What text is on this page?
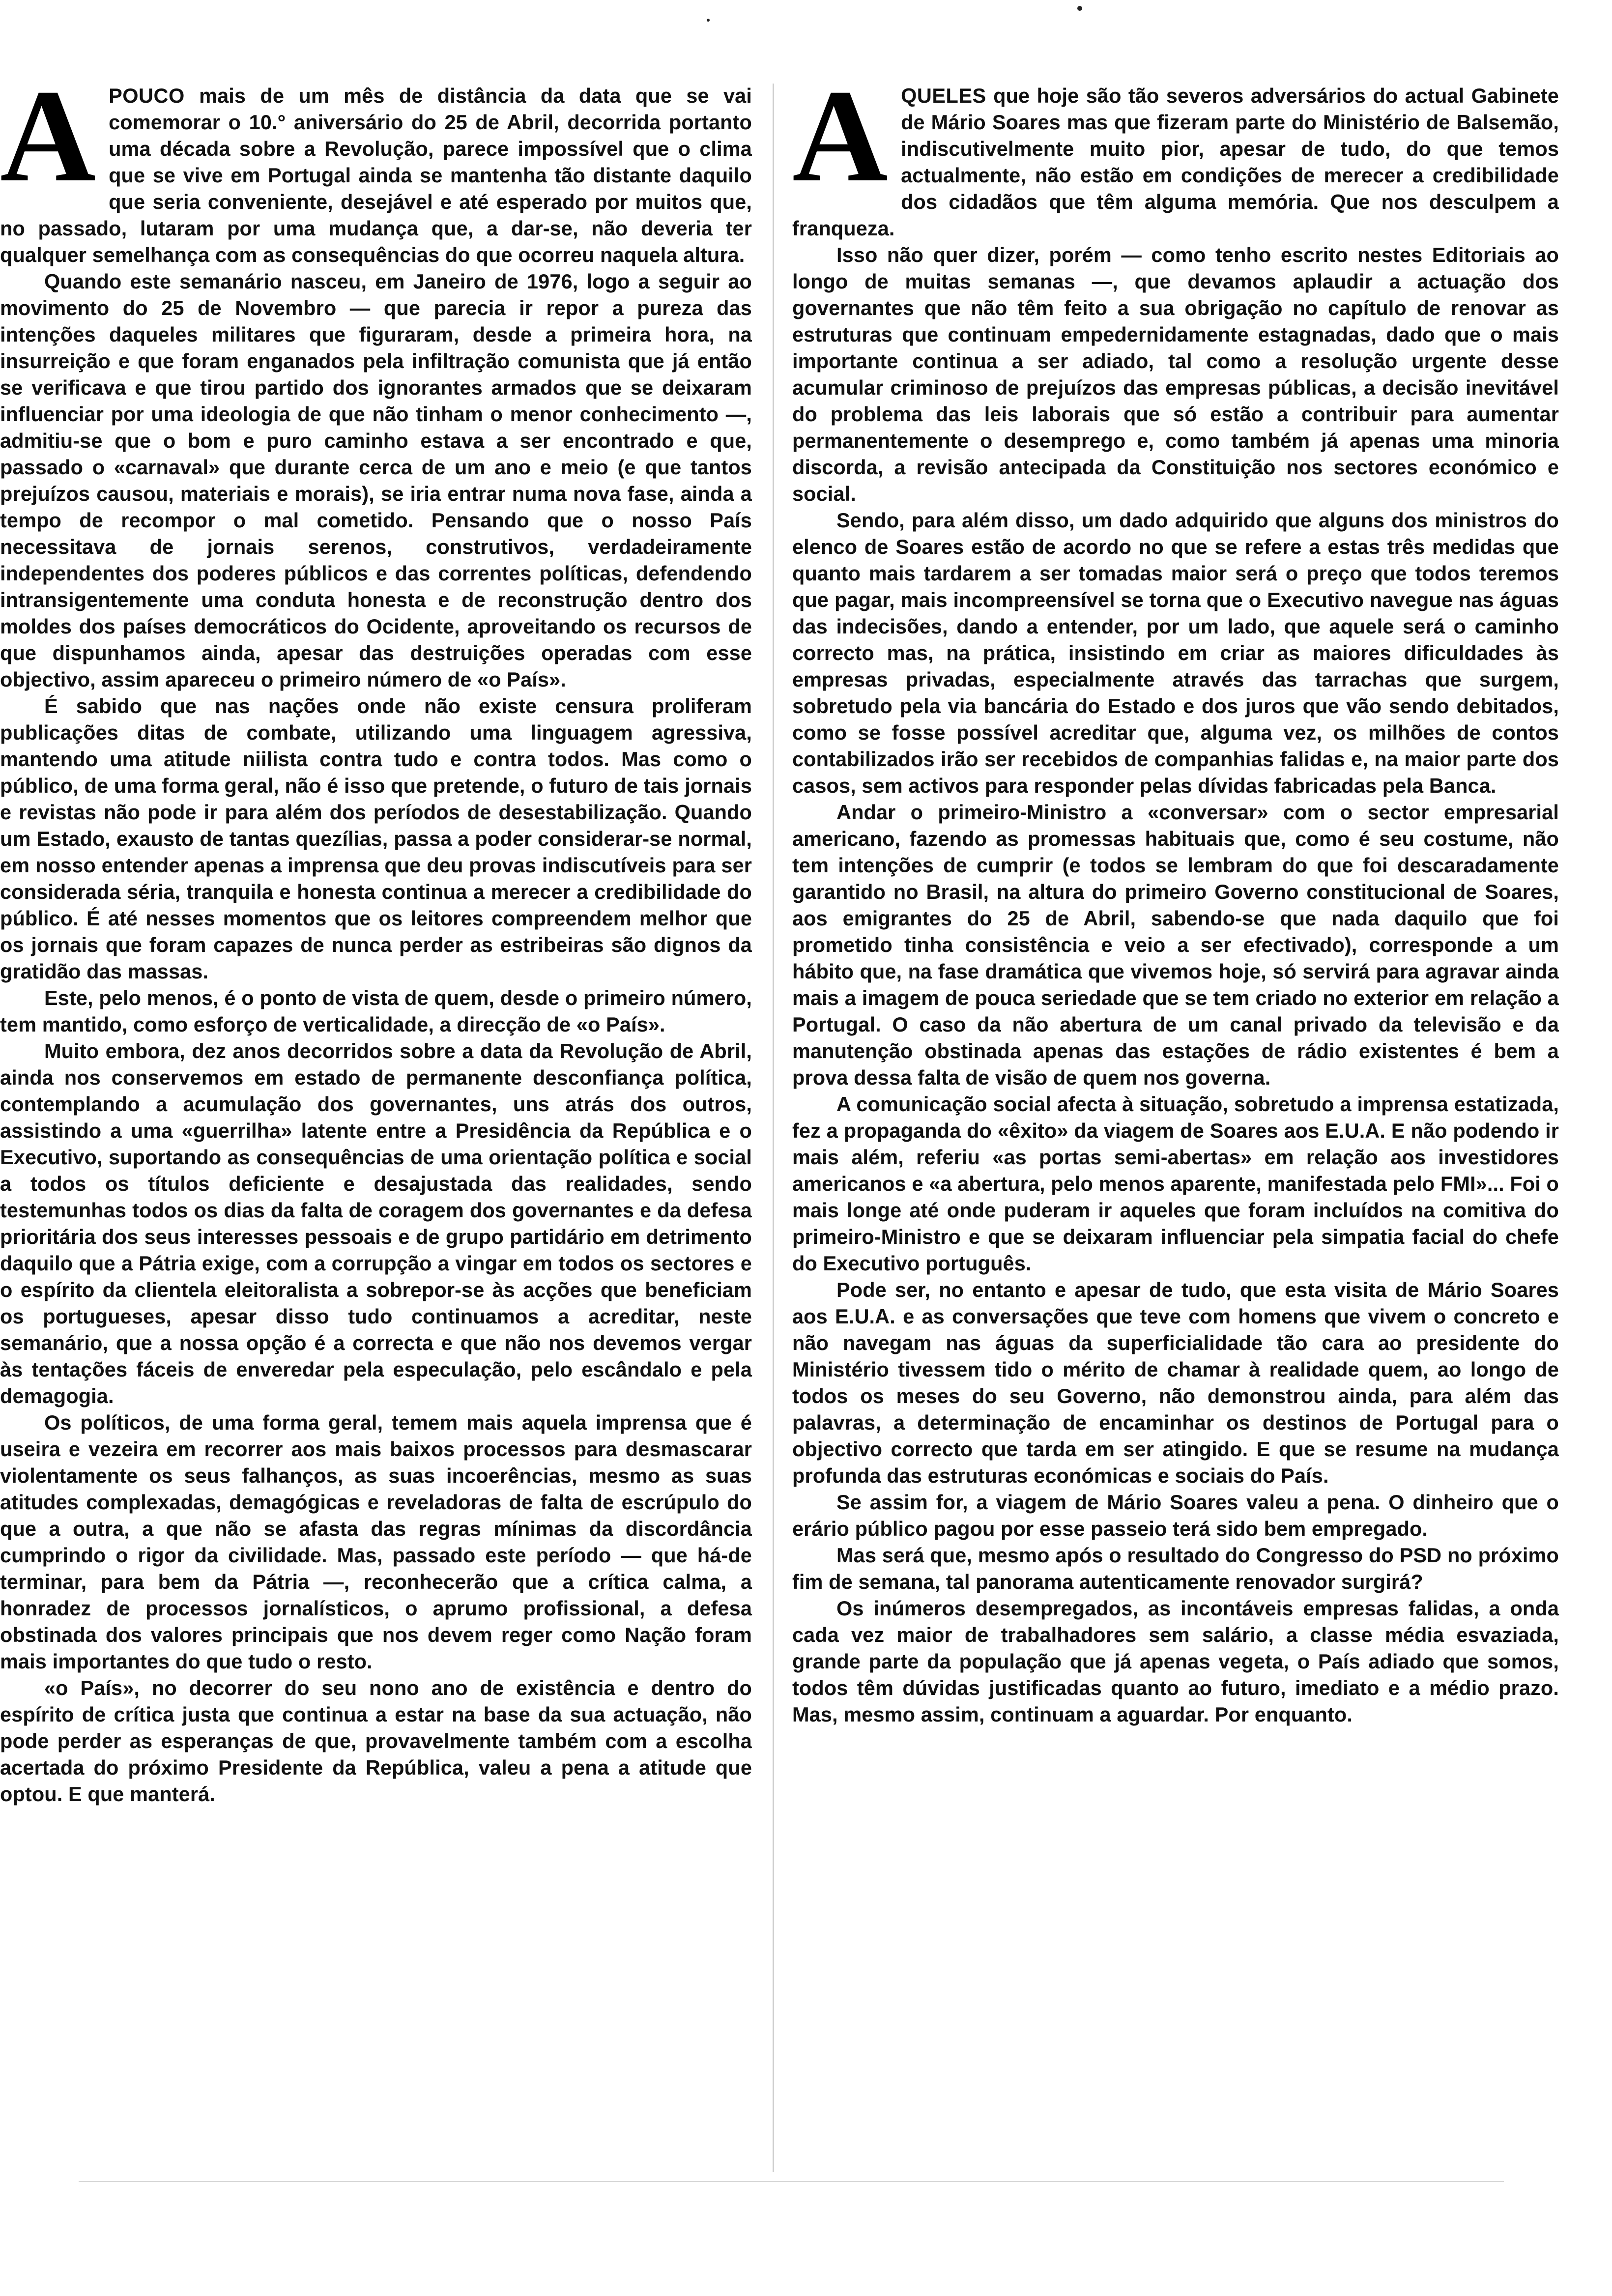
APOUCO mais de um mês de distância da data que se vai comemorar o 10.° aniversário do 25 de Abril, decorrida portanto uma década sobre a Revolução, parece impossível que o clima que se vive em Portugal ainda se mantenha tão distante daquilo que seria conveniente, desejável e até esperado por muitos que, no passado, lutaram por uma mudança que, a dar-se, não deveria ter qualquer semelhança com as consequências do que ocorreu naquela altura.

Quando este semanário nasceu, em Janeiro de 1976, logo a seguir ao movimento do 25 de Novembro — que parecia ir repor a pureza das intenções daqueles militares que figuraram, desde a primeira hora, na insurreição e que foram enganados pela infiltração comunista que já então se verificava e que tirou partido dos ignorantes armados que se deixaram influenciar por uma ideologia de que não tinham o menor conhecimento —, admitiu-se que o bom e puro caminho estava a ser encontrado e que, passado o «carnaval» que durante cerca de um ano e meio (e que tantos prejuízos causou, materiais e morais), se iria entrar numa nova fase, ainda a tempo de recompor o mal cometido. Pensando que o nosso País necessitava de jornais serenos, construtivos, verdadeiramente independentes dos poderes públicos e das correntes políticas, defendendo intransigentemente uma conduta honesta e de reconstrução dentro dos moldes dos países democráticos do Ocidente, aproveitando os recursos de que dispunhamos ainda, apesar das destruições operadas com esse objectivo, assim apareceu o primeiro número de «o País».

É sabido que nas nações onde não existe censura proliferam publicações ditas de combate, utilizando uma linguagem agressiva, mantendo uma atitude niilista contra tudo e contra todos. Mas como o público, de uma forma geral, não é isso que pretende, o futuro de tais jornais e revistas não pode ir para além dos períodos de desestabilização. Quando um Estado, exausto de tantas quezílias, passa a poder considerar-se normal, em nosso entender apenas a imprensa que deu provas indiscutíveis para ser considerada séria, tranquila e honesta continua a merecer a credibilidade do público. É até nesses momentos que os leitores compreendem melhor que os jornais que foram capazes de nunca perder as estribeiras são dignos da gratidão das massas.

Este, pelo menos, é o ponto de vista de quem, desde o primeiro número, tem mantido, como esforço de verticalidade, a direcção de «o País».

Muito embora, dez anos decorridos sobre a data da Revolução de Abril, ainda nos conservemos em estado de permanente desconfiança política, contemplando a acumulação dos governantes, uns atrás dos outros, assistindo a uma «guerrilha» latente entre a Presidência da República e o Executivo, suportando as consequências de uma orientação política e social a todos os títulos deficiente e desajustada das realidades, sendo testemunhas todos os dias da falta de coragem dos governantes e da defesa prioritária dos seus interesses pessoais e de grupo partidário em detrimento daquilo que a Pátria exige, com a corrupção a vingar em todos os sectores e o espírito da clientela eleitoralista a sobrepor-se às acções que beneficiam os portugueses, apesar disso tudo continuamos a acreditar, neste semanário, que a nossa opção é a correcta e que não nos devemos vergar às tentações fáceis de enveredar pela especulação, pelo escândalo e pela demagogia.

Os políticos, de uma forma geral, temem mais aquela imprensa que é useira e vezeira em recorrer aos mais baixos processos para desmascarar violentamente os seus falhanços, as suas incoerências, mesmo as suas atitudes complexadas, demagógicas e reveladoras de falta de escrúpulo do que a outra, a que não se afasta das regras mínimas da discordância cumprindo o rigor da civilidade. Mas, passado este período — que há-de terminar, para bem da Pátria —, reconhecerão que a crítica calma, a honradez de processos jornalísticos, o aprumo profissional, a defesa obstinada dos valores principais que nos devem reger como Nação foram mais importantes do que tudo o resto.

«o País», no decorrer do seu nono ano de existência e dentro do espírito de crítica justa que continua a estar na base da sua actuação, não pode perder as esperanças de que, provavelmente também com a escolha acertada do próximo Presidente da República, valeu a pena a atitude que optou. E que manterá.

AQUELES que hoje são tão severos adversários do actual Gabinete de Mário Soares mas que fizeram parte do Ministério de Balsemão, indiscutivelmente muito pior, apesar de tudo, do que temos actualmente, não estão em condições de merecer a credibilidade dos cidadãos que têm alguma memória. Que nos desculpem a franqueza.

Isso não quer dizer, porém — como tenho escrito nestes Editoriais ao longo de muitas semanas —, que devamos aplaudir a actuação dos governantes que não têm feito a sua obrigação no capítulo de renovar as estruturas que continuam empedernidamente estagnadas, dado que o mais importante continua a ser adiado, tal como a resolução urgente desse acumular criminoso de prejuízos das empresas públicas, a decisão inevitável do problema das leis laborais que só estão a contribuir para aumentar permanentemente o desemprego e, como também já apenas uma minoria discorda, a revisão antecipada da Constituição nos sectores económico e social.

Sendo, para além disso, um dado adquirido que alguns dos ministros do elenco de Soares estão de acordo no que se refere a estas três medidas que quanto mais tardarem a ser tomadas maior será o preço que todos teremos que pagar, mais incompreensível se torna que o Executivo navegue nas águas das indecisões, dando a entender, por um lado, que aquele será o caminho correcto mas, na prática, insistindo em criar as maiores dificuldades às empresas privadas, especialmente através das tarrachas que surgem, sobretudo pela via bancária do Estado e dos juros que vão sendo debitados, como se fosse possível acreditar que, alguma vez, os milhões de contos contabilizados irão ser recebidos de companhias falidas e, na maior parte dos casos, sem activos para responder pelas dívidas fabricadas pela Banca.

Andar o primeiro-Ministro a «conversar» com o sector empresarial americano, fazendo as promessas habituais que, como é seu costume, não tem intenções de cumprir (e todos se lembram do que foi descaradamente garantido no Brasil, na altura do primeiro Governo constitucional de Soares, aos emigrantes do 25 de Abril, sabendo-se que nada daquilo que foi prometido tinha consistência e veio a ser efectivado), corresponde a um hábito que, na fase dramática que vivemos hoje, só servirá para agravar ainda mais a imagem de pouca seriedade que se tem criado no exterior em relação a Portugal. O caso da não abertura de um canal privado da televisão e da manutenção obstinada apenas das estações de rádio existentes é bem a prova dessa falta de visão de quem nos governa.

A comunicação social afecta à situação, sobretudo a imprensa estatizada, fez a propaganda do «êxito» da viagem de Soares aos E.U.A. E não podendo ir mais além, referiu «as portas semi-abertas» em relação aos investidores americanos e «a abertura, pelo menos aparente, manifestada pelo FMI»... Foi o mais longe até onde puderam ir aqueles que foram incluídos na comitiva do primeiro-Ministro e que se deixaram influenciar pela simpatia facial do chefe do Executivo português.

Pode ser, no entanto e apesar de tudo, que esta visita de Mário Soares aos E.U.A. e as conversações que teve com homens que vivem o concreto e não navegam nas águas da superficialidade tão cara ao presidente do Ministério tivessem tido o mérito de chamar à realidade quem, ao longo de todos os meses do seu Governo, não demonstrou ainda, para além das palavras, a determinação de encaminhar os destinos de Portugal para o objectivo correcto que tarda em ser atingido. E que se resume na mudança profunda das estruturas económicas e sociais do País.

Se assim for, a viagem de Mário Soares valeu a pena. O dinheiro que o erário público pagou por esse passeio terá sido bem empregado.

Mas será que, mesmo após o resultado do Congresso do PSD no próximo fim de semana, tal panorama autenticamente renovador surgirá?

Os inúmeros desempregados, as incontáveis empresas falidas, a onda cada vez maior de trabalhadores sem salário, a classe média esvaziada, grande parte da população que já apenas vegeta, o País adiado que somos, todos têm dúvidas justificadas quanto ao futuro, imediato e a médio prazo. Mas, mesmo assim, continuam a aguardar. Por enquanto.
